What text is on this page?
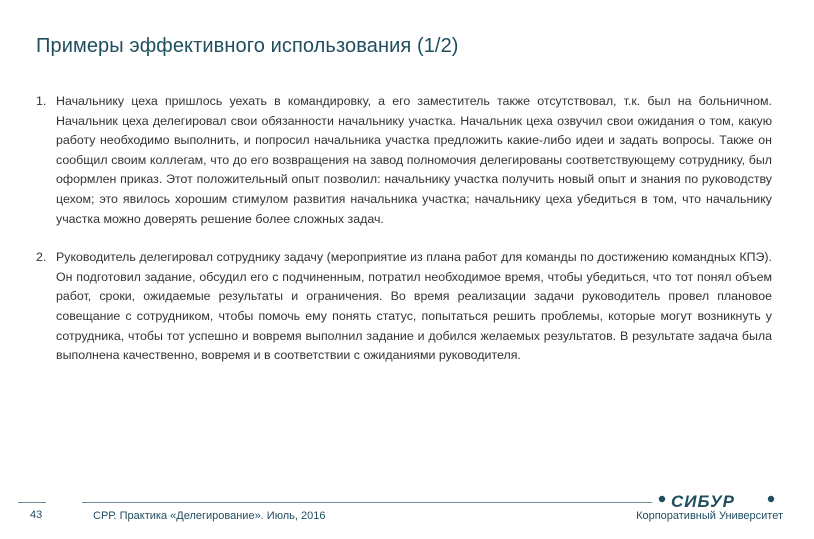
Примеры эффективного использования (1/2)
1. Начальнику цеха пришлось уехать в командировку, а его заместитель также отсутствовал, т.к. был на больничном. Начальник цеха делегировал свои обязанности начальнику участка. Начальник цеха озвучил свои ожидания о том, какую работу необходимо выполнить, и попросил начальника участка предложить какие-либо идеи и задать вопросы. Также он сообщил своим коллегам, что до его возвращения на завод полномочия делегированы соответствующему сотруднику, был оформлен приказ. Этот положительный опыт позволил: начальнику участка получить новый опыт и знания по руководству цехом; это явилось хорошим стимулом развития начальника участка; начальнику цеха убедиться в том, что начальнику участка можно доверять решение более сложных задач.
2. Руководитель делегировал сотруднику задачу (мероприятие из плана работ для команды по достижению командных КПЭ). Он подготовил задание, обсудил его с подчиненным, потратил необходимое время, чтобы убедиться, что тот понял объем работ, сроки, ожидаемые результаты и ограничения. Во время реализации задачи руководитель провел плановое совещание с сотрудником, чтобы помочь ему понять статус, попытаться решить проблемы, которые могут возникнуть у сотрудника, чтобы тот успешно и вовремя выполнил задание и добился желаемых результатов. В результате задача была выполнена качественно, вовремя и в соответствии с ожиданиями руководителя.
43	СРР. Практика «Делегирование». Июль, 2016
СИБУР
Корпоративный Университет
